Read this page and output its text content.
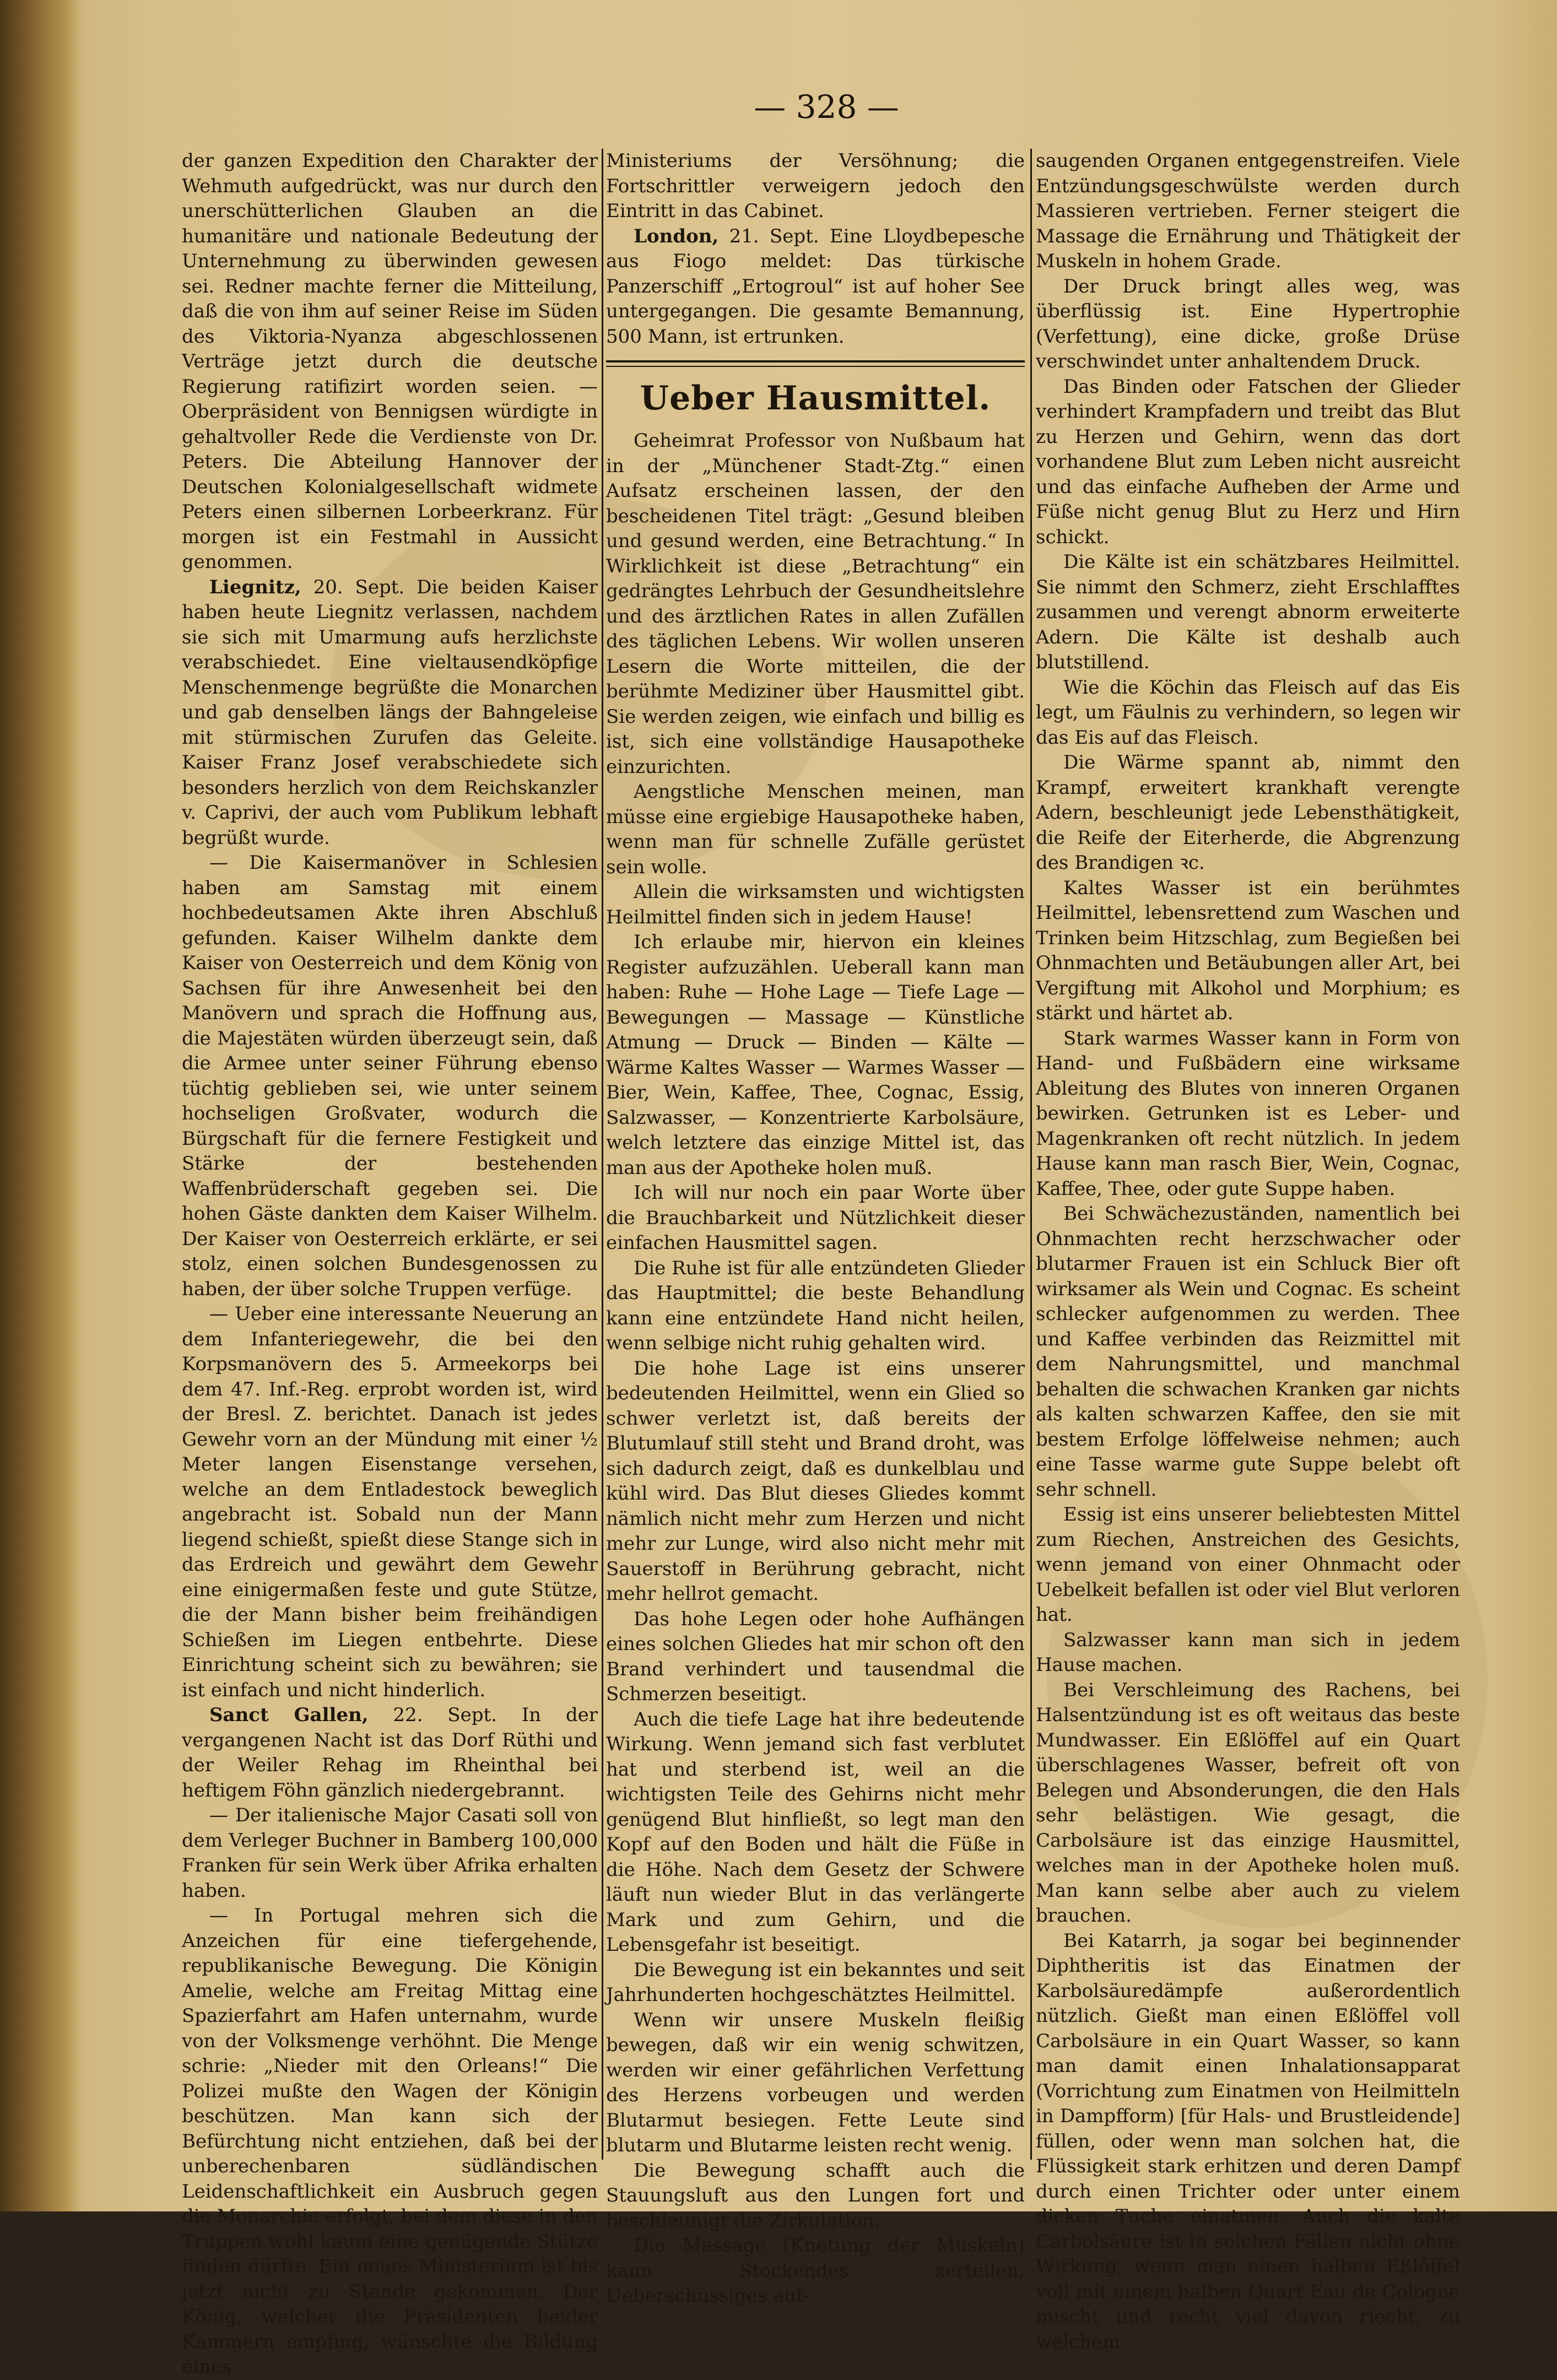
— 328 —

der ganzen Expedition den Charakter der Wehmuth aufgedrückt, was nur durch den unerschütterlichen Glauben an die humanitäre und nationale Bedeutung der Unternehmung zu überwinden gewesen sei. Redner machte ferner die Mitteilung, daß die von ihm auf seiner Reise im Süden des Viktoria-Nyanza abgeschlossenen Verträge jetzt durch die deutsche Regierung ratifizirt worden seien. — Oberpräsident von Bennigsen würdigte in gehaltvoller Rede die Verdienste von Dr. Peters. Die Abteilung Hannover der Deutschen Kolonialgesellschaft widmete Peters einen silbernen Lorbeerkranz. Für morgen ist ein Festmahl in Aussicht genommen.

Liegnitz, 20. Sept. Die beiden Kaiser haben heute Liegnitz verlassen, nachdem sie sich mit Umarmung aufs herzlichste verabschiedet. Eine vieltausendköpfige Menschenmenge begrüßte die Monarchen und gab denselben längs der Bahngeleise mit stürmischen Zurufen das Geleite. Kaiser Franz Josef verabschiedete sich besonders herzlich von dem Reichskanzler v. Caprivi, der auch vom Publikum lebhaft begrüßt wurde.

— Die Kaisermanöver in Schlesien haben am Samstag mit einem hochbedeutsamen Akte ihren Abschluß gefunden. Kaiser Wilhelm dankte dem Kaiser von Oesterreich und dem König von Sachsen für ihre Anwesenheit bei den Manövern und sprach die Hoffnung aus, die Majestäten würden überzeugt sein, daß die Armee unter seiner Führung ebenso tüchtig geblieben sei, wie unter seinem hochseligen Großvater, wodurch die Bürgschaft für die fernere Festigkeit und Stärke der bestehenden Waffenbrüderschaft gegeben sei. Die hohen Gäste dankten dem Kaiser Wilhelm. Der Kaiser von Oesterreich erklärte, er sei stolz, einen solchen Bundesgenossen zu haben, der über solche Truppen verfüge.

— Ueber eine interessante Neuerung an dem Infanteriegewehr, die bei den Korpsmanövern des 5. Armeekorps bei dem 47. Inf.-Reg. erprobt worden ist, wird der Bresl. Z. berichtet. Danach ist jedes Gewehr vorn an der Mündung mit einer ½ Meter langen Eisenstange versehen, welche an dem Entladestock beweglich angebracht ist. Sobald nun der Mann liegend schießt, spießt diese Stange sich in das Erdreich und gewährt dem Gewehr eine einigermaßen feste und gute Stütze, die der Mann bisher beim freihändigen Schießen im Liegen entbehrte. Diese Einrichtung scheint sich zu bewähren; sie ist einfach und nicht hinderlich.

Sanct Gallen, 22. Sept. In der vergangenen Nacht ist das Dorf Rüthi und der Weiler Rehag im Rheinthal bei heftigem Föhn gänzlich niedergebrannt.

— Der italienische Major Casati soll von dem Verleger Buchner in Bamberg 100,000 Franken für sein Werk über Afrika erhalten haben.

— In Portugal mehren sich die Anzeichen für eine tiefergehende, republikanische Bewegung. Die Königin Amelie, welche am Freitag Mittag eine Spazierfahrt am Hafen unternahm, wurde von der Volksmenge verhöhnt. Die Menge schrie: „Nieder mit den Orleans!“ Die Polizei mußte den Wagen der Königin beschützen. Man kann sich der Befürchtung nicht entziehen, daß bei der unberechenbaren südländischen Leidenschaftlichkeit ein Ausbruch gegen die Monarchie erfolgt, bei dem diese in den Truppen wohl kaum eine genügende Stütze finden dürfte. Ein neues Ministerium ist bis jetzt nicht zu Stande gekommen. Der König, welcher die Präsidenten beider Kammern empfing, wünschte die Bildung eines

Ministeriums der Versöhnung; die Fortschrittler verweigern jedoch den Eintritt in das Cabinet.

London, 21. Sept. Eine Lloydbepesche aus Fiogo meldet: Das türkische Panzerschiff „Ertogroul“ ist auf hoher See untergegangen. Die gesamte Bemannung, 500 Mann, ist ertrunken.

Ueber Hausmittel.

Geheimrat Professor von Nußbaum hat in der „Münchener Stadt-Ztg.“ einen Aufsatz erscheinen lassen, der den bescheidenen Titel trägt: „Gesund bleiben und gesund werden, eine Betrachtung.“ In Wirklichkeit ist diese „Betrachtung“ ein gedrängtes Lehrbuch der Gesundheitslehre und des ärztlichen Rates in allen Zufällen des täglichen Lebens. Wir wollen unseren Lesern die Worte mitteilen, die der berühmte Mediziner über Hausmittel gibt. Sie werden zeigen, wie einfach und billig es ist, sich eine vollständige Hausapotheke einzurichten.

Aengstliche Menschen meinen, man müsse eine ergiebige Hausapotheke haben, wenn man für schnelle Zufälle gerüstet sein wolle.

Allein die wirksamsten und wichtigsten Heilmittel finden sich in jedem Hause!

Ich erlaube mir, hiervon ein kleines Register aufzuzählen. Ueberall kann man haben: Ruhe — Hohe Lage — Tiefe Lage — Bewegungen — Massage — Künstliche Atmung — Druck — Binden — Kälte — Wärme Kaltes Wasser — Warmes Wasser — Bier, Wein, Kaffee, Thee, Cognac, Essig, Salzwasser, — Konzentrierte Karbolsäure, welch letztere das einzige Mittel ist, das man aus der Apotheke holen muß.

Ich will nur noch ein paar Worte über die Brauchbarkeit und Nützlichkeit dieser einfachen Hausmittel sagen.

Die Ruhe ist für alle entzündeten Glieder das Hauptmittel; die beste Behandlung kann eine entzündete Hand nicht heilen, wenn selbige nicht ruhig gehalten wird.

Die hohe Lage ist eins unserer bedeutenden Heilmittel, wenn ein Glied so schwer verletzt ist, daß bereits der Blutumlauf still steht und Brand droht, was sich dadurch zeigt, daß es dunkelblau und kühl wird. Das Blut dieses Gliedes kommt nämlich nicht mehr zum Herzen und nicht mehr zur Lunge, wird also nicht mehr mit Sauerstoff in Berührung gebracht, nicht mehr hellrot gemacht.

Das hohe Legen oder hohe Aufhängen eines solchen Gliedes hat mir schon oft den Brand verhindert und tausendmal die Schmerzen beseitigt.

Auch die tiefe Lage hat ihre bedeutende Wirkung. Wenn jemand sich fast verblutet hat und sterbend ist, weil an die wichtigsten Teile des Gehirns nicht mehr genügend Blut hinfließt, so legt man den Kopf auf den Boden und hält die Füße in die Höhe. Nach dem Gesetz der Schwere läuft nun wieder Blut in das verlängerte Mark und zum Gehirn, und die Lebensgefahr ist beseitigt.

Die Bewegung ist ein bekanntes und seit Jahrhunderten hochgeschätztes Heilmittel.

Wenn wir unsere Muskeln fleißig bewegen, daß wir ein wenig schwitzen, werden wir einer gefährlichen Verfettung des Herzens vorbeugen und werden Blutarmut besiegen. Fette Leute sind blutarm und Blutarme leisten recht wenig.

Die Bewegung schafft auch die Stauungsluft aus den Lungen fort und beschleunigt die Zirkulation.

Die Massage (Knetung der Muskeln) kann Stockendes zerteilen, Ueberschüssiges auf-

saugenden Organen entgegenstreifen. Viele Entzündungsgeschwülste werden durch Massieren vertrieben. Ferner steigert die Massage die Ernährung und Thätigkeit der Muskeln in hohem Grade.

Der Druck bringt alles weg, was überflüssig ist. Eine Hypertrophie (Verfettung), eine dicke, große Drüse verschwindet unter anhaltendem Druck.

Das Binden oder Fatschen der Glieder verhindert Krampfadern und treibt das Blut zu Herzen und Gehirn, wenn das dort vorhandene Blut zum Leben nicht ausreicht und das einfache Aufheben der Arme und Füße nicht genug Blut zu Herz und Hirn schickt.

Die Kälte ist ein schätzbares Heilmittel. Sie nimmt den Schmerz, zieht Erschlafftes zusammen und verengt abnorm erweiterte Adern. Die Kälte ist deshalb auch blutstillend.

Wie die Köchin das Fleisch auf das Eis legt, um Fäulnis zu verhindern, so legen wir das Eis auf das Fleisch.

Die Wärme spannt ab, nimmt den Krampf, erweitert krankhaft verengte Adern, beschleunigt jede Lebensthätigkeit, die Reife der Eiterherde, die Abgrenzung des Brandigen ꝛc.

Kaltes Wasser ist ein berühmtes Heilmittel, lebensrettend zum Waschen und Trinken beim Hitzschlag, zum Begießen bei Ohnmachten und Betäubungen aller Art, bei Vergiftung mit Alkohol und Morphium; es stärkt und härtet ab.

Stark warmes Wasser kann in Form von Hand- und Fußbädern eine wirksame Ableitung des Blutes von inneren Organen bewirken. Getrunken ist es Leber- und Magenkranken oft recht nützlich. In jedem Hause kann man rasch Bier, Wein, Cognac, Kaffee, Thee, oder gute Suppe haben.

Bei Schwächezuständen, namentlich bei Ohnmachten recht herzschwacher oder blutarmer Frauen ist ein Schluck Bier oft wirksamer als Wein und Cognac. Es scheint schlecker aufgenommen zu werden. Thee und Kaffee verbinden das Reizmittel mit dem Nahrungsmittel, und manchmal behalten die schwachen Kranken gar nichts als kalten schwarzen Kaffee, den sie mit bestem Erfolge löffelweise nehmen; auch eine Tasse warme gute Suppe belebt oft sehr schnell.

Essig ist eins unserer beliebtesten Mittel zum Riechen, Anstreichen des Gesichts, wenn jemand von einer Ohnmacht oder Uebelkeit befallen ist oder viel Blut verloren hat.

Salzwasser kann man sich in jedem Hause machen.

Bei Verschleimung des Rachens, bei Halsentzündung ist es oft weitaus das beste Mundwasser. Ein Eßlöffel auf ein Quart überschlagenes Wasser, befreit oft von Belegen und Absonderungen, die den Hals sehr belästigen. Wie gesagt, die Carbolsäure ist das einzige Hausmittel, welches man in der Apotheke holen muß. Man kann selbe aber auch zu vielem brauchen.

Bei Katarrh, ja sogar bei beginnender Diphtheritis ist das Einatmen der Karbolsäuredämpfe außerordentlich nützlich. Gießt man einen Eßlöffel voll Carbolsäure in ein Quart Wasser, so kann man damit einen Inhalationsapparat (Vorrichtung zum Einatmen von Heilmitteln in Dampfform) [für Hals- und Brustleidende] füllen, oder wenn man solchen hat, die Flüssigkeit stark erhitzen und deren Dampf durch einen Trichter oder unter einem dicken Tuche einatmen. Auch die kalte Carbolsäure ist in solchen Fällen nicht ohne Wirkung, wenn man einen halben Eßlöffel voll mit einem halben Quart Eau de Cologne mischt und recht viel davon riecht, zu welchem
